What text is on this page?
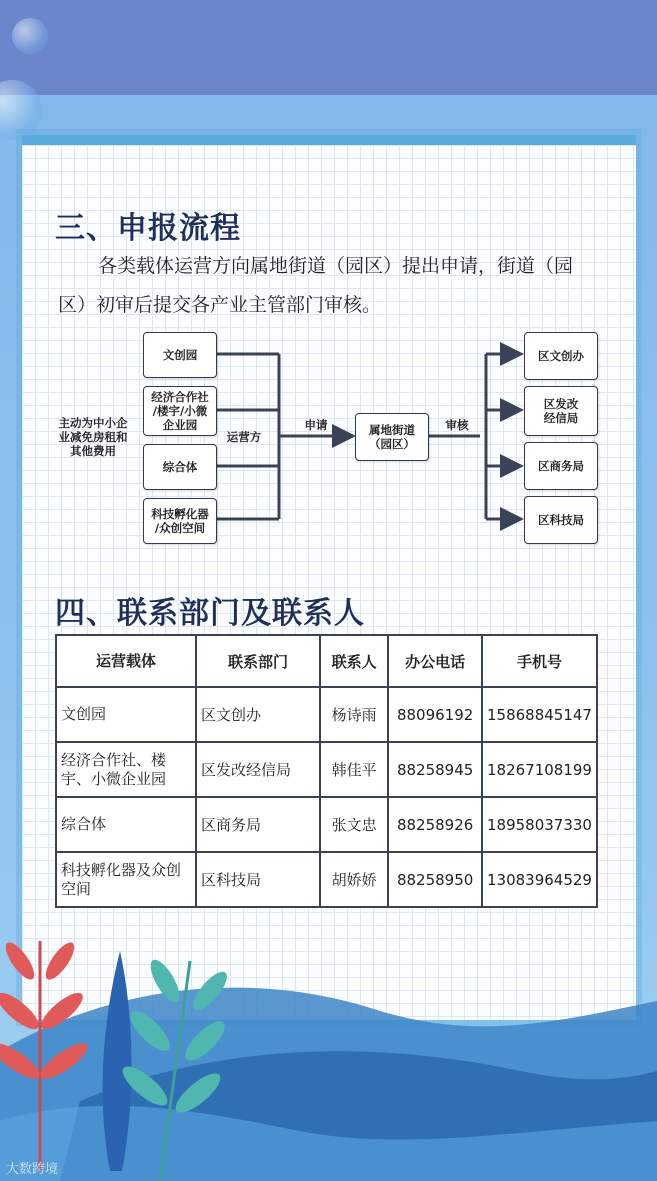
三、申报流程
各类载体运营方向属地街道（园区）提出申请，街道（园
区）初审后提交各产业主管部门审核。
主动为中小企
业减免房租和
其他费用
文创园
经济合作社
/楼宇/小微
企业园
综合体
科技孵化器
/众创空间
运营方
申请	属地街道
（园区）
审核
区文创办
区发改
经信局
区商务局
区科技局
四、联系部门及联系人
运营载体	联系部门	联系人	办公电话	手机号
文创园	区文创办	杨诗雨	88096192	15868845147
经济合作社、楼宇、小微企业园	区发改经信局	韩佳平	88258945	18267108199
综合体	区商务局	张文忠	88258926	18958037330
科技孵化器及众创空间	区科技局	胡娇娇	88258950	13083964529
大数跨境
